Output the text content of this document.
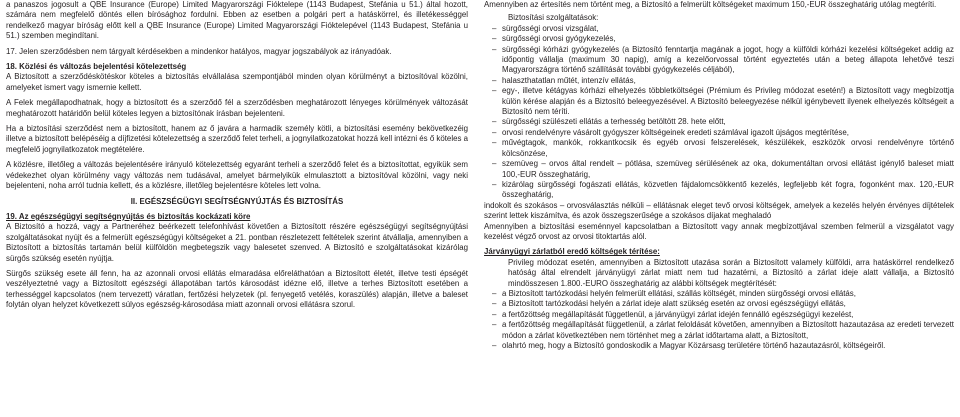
a panaszos jogosult a QBE Insurance (Europe) Limited Magyarországi Fióktelepe (1143 Budapest, Stefánia u 51.) által hozott, számára nem megfelelő döntés ellen bírósághoz fordulni. Ebben az esetben a polgári pert a hatáskörrel, és illetékességgel rendelkező magyar bíróság előtt kell a QBE Insurance (Europe) Limited Magyarországi Fióktelepével (1143 Budapest, Stefánia u 51.) szemben megindítani.

17. Jelen szerződésben nem tárgyalt kérdésekben a mindenkor hatályos, magyar jogszabályok az irányadóak.

18. Közlési és változás bejelentési kötelezettség

A Biztosított a szerződéskötéskor köteles a biztosítás elvállalása szempontjából minden olyan körülményt a biztosítóval közölni, amelyeket ismert vagy ismernie kellett.

A Felek megállapodhatnak, hogy a biztosított és a szerződő fél a szerződésben meghatározott lényeges körülmények változását meghatározott határidőn belül köteles legyen a biztosítónak írásban bejelenteni.

Ha a biztosítási szerződést nem a biztosított, hanem az ő javára a harmadik személy kötli, a biztosítási esemény bekövetkezéig illetve a biztosított belépéséig a díjfizetési kötelezettség a szerződő felet terheli, a jognyilatkozatokat hozzá kell intézni és ő köteles a megfelelő jognyilatkozatok megtételére.

A közlésre, illetőleg a változás bejelentésére irányuló kötelezettség egyaránt terheli a szerződő felet és a biztosítottat, egyikük sem védekezhet olyan körülmény vagy változás nem tudásával, amelyet bármelyikük elmulasztott a biztosítóval közölni, vagy neki bejelenteni, noha arról tudnia kellett, és a közlésre, illetőleg bejelentésre köteles lett volna.

II. EGÉSZSÉGÜGYI SEGÍTSÉGNYÚJTÁS ÉS BIZTOSÍTÁS

19. Az egészségügyi segítségnyújtás és biztosítás kockázati köre

A Biztosító a hozzá, vagy a Partneréhez beérkezett telefonhívást követően a Biztosított részére egészségügyi segítségnyújtási szolgáltatásokat nyújt és a felmerült egészségügyi költségeket a 21. pontban részletezett feltételek szerint átvállalja, amennyiben a Biztosított a biztosítás tartamán belül külföldön megbetegszik vagy balesetet szenved. A Biztosító e szolgáltatásokat kizárólag sürgős szükség esetén nyújtja.

Sürgős szükség esete áll fenn, ha az azonnali orvosi ellátás elmaradása előreláthatóan a Biztosított életét, illetve testi épségét veszélyeztetné vagy a Biztosított egészségi állapotában tartós károsodást idézne elő, illetve a terhes Biztosított esetében a terhességgel kapcsolatos (nem tervezett) váratlan, fertőzési helyzetek (pl. fenyegető vetélés, koraszülés) alapján, illetve a baleset folytán olyan helyzet következett súlyos egészség-károsodása miatt azonnali orvosi ellátásra szorul.

Amennyiben az értesítés nem történt meg, a Biztosító a felmerült költségeket maximum 150,-EUR összeghatárig utólag megtéríti.

Biztosítási szolgáltatások:

– sürgősségi orvosi vizsgálat,
– sürgősségi orvosi gyógykezelés,
– sürgősségi kórházi gyógykezelés (a Biztosító fenntartja magának a jogot, hogy a külföldi kórházi kezelési költségeket addig az időpontig vállalja (maximum 30 napig), amíg a kezelőorvossal történt egyeztetés után a beteg állapota lehetővé teszi Magyarországra történő szállítását további gyógykezelés céljából),
– halaszthatatlan műtét, intenzív ellátás,
– egy-, illetve kétágyas kórházi elhelyezés többletköltségei (Prémium és Privileg módozat esetén!) a Biztosított vagy megbízottja külön kérése alapján és a Biztosító beleegyezésével. A Biztosító beleegyezése nélkül igénybevett ilyenek elhelyezés költségeit a Biztosító nem téríti.
– sürgősségi szülészeti ellátás a terhesség betöltött 28. hete előtt,
– orvosi rendelvényre vásárolt gyógyszer költségeinek eredeti számlával igazolt újságos megtérítése,
– művégtagok, mankók, rokkantkocsik és egyéb orvosi felszerelések, készülékek, eszközök orvosi rendelvényre történő kölcsönzése,
– szemüveg – orvos által rendelt – pótlása, szemüveg sérülésének az oka, dokumentáltan orvosi ellátást igénylő baleset miatt 100,-EUR összeghatárig,
– kizárólag sürgősségi fogászati ellátás, közvetlen fájdalomcsökkentő kezelés, legfeljebb két fogra, fogonként max. 120,-EUR összeghatárig,

indokolt és szokásos – orvosválasztás nélküli – ellátásnak eleget tevő orvosi költségek, amelyek a kezelés helyén érvényes díjtételek szerint lettek kiszámítva, és azok összegszerűsége a szokásos díjakat meghaladó

Amennyiben a biztosítási eseménnyel kapcsolatban a Biztosított vagy annak megbízottjával szemben felmerül a vizsgálatot vagy kezelést végző orvost az orvosi titoktartás alól.

Járványügyi zárlatból eredő költségek térítése:

Privileg módozat esetén, amennyiben a Biztosított utazása során a Biztosított valamely külföldi, arra hatáskörrel rendelkező hatóság által elrendelt járványügyi zárlat miatt nem tud hazatérni, a Biztosító a zárlat ideje alatt vállalja, a Biztosító mindösszesen 1.800.-EURO összeghatárig az alábbi költségek megtérítését:

– a Biztosított tartózkodási helyén felmerült ellátási, szállás költségét, minden sürgősségi orvosi ellátás,
– a Biztosított tartózkodási helyén a zárlat ideje alatt szükség esetén az orvosi egészségügyi ellátás,
– a fertőzöttség megállapítását függetlenül, a járványügyi zárlat idején fennálló egészségügyi kezelést,
– a fertőzöttség megállapítását függetlenül, a zárlat feloldását követően, amennyiben a Biztosított hazautazása az eredeti tervezett módon a zárlat következtében nem történhet meg a zárlat időtartama alatt, a Biztosított,
– olahrtó meg, hogy a Biztosító gondoskodik a Magyar Közársasg területére történő hazautazásról, költségeiről.
